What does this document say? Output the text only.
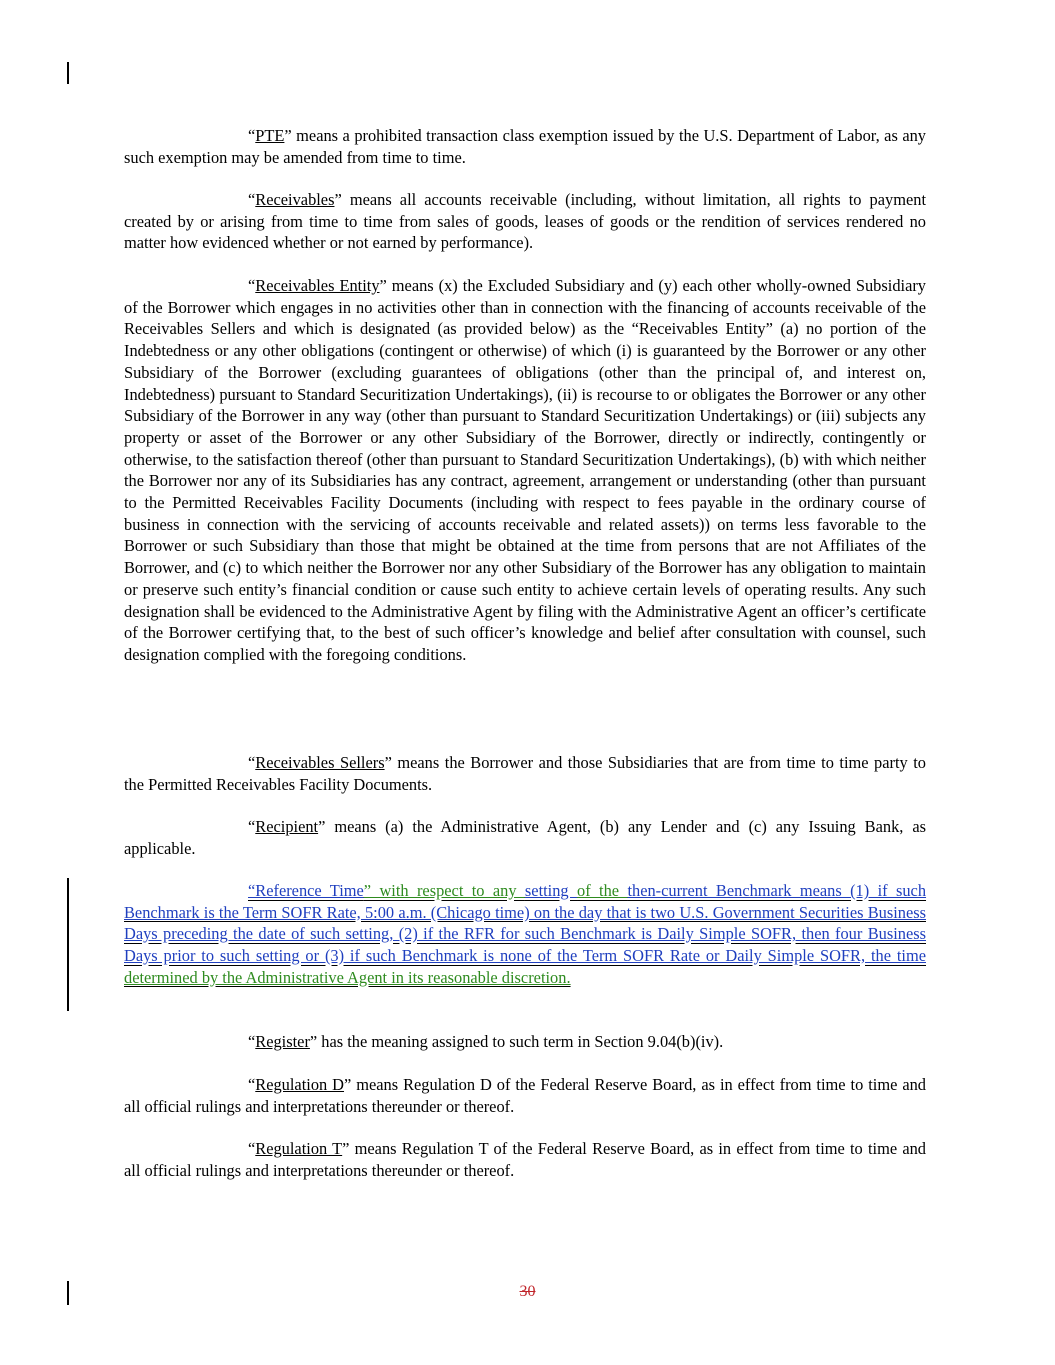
“PTE” means a prohibited transaction class exemption issued by the U.S. Department of Labor, as any such exemption may be amended from time to time.

“Receivables” means all accounts receivable (including, without limitation, all rights to payment created by or arising from time to time from sales of goods, leases of goods or the rendition of services rendered no matter how evidenced whether or not earned by performance).

“Receivables Entity” means (x) the Excluded Subsidiary and (y) each other wholly-owned Subsidiary of the Borrower which engages in no activities other than in connection with the financing of accounts receivable of the Receivables Sellers and which is designated (as provided below) as the “Receivables Entity” (a) no portion of the Indebtedness or any other obligations (contingent or otherwise) of which (i) is guaranteed by the Borrower or any other Subsidiary of the Borrower (excluding guarantees of obligations (other than the principal of, and interest on, Indebtedness) pursuant to Standard Securitization Undertakings), (ii) is recourse to or obligates the Borrower or any other Subsidiary of the Borrower in any way (other than pursuant to Standard Securitization Undertakings) or (iii) subjects any property or asset of the Borrower or any other Subsidiary of the Borrower, directly or indirectly, contingently or otherwise, to the satisfaction thereof (other than pursuant to Standard Securitization Undertakings), (b) with which neither the Borrower nor any of its Subsidiaries has any contract, agreement, arrangement or understanding (other than pursuant to the Permitted Receivables Facility Documents (including with respect to fees payable in the ordinary course of business in connection with the servicing of accounts receivable and related assets)) on terms less favorable to the Borrower or such Subsidiary than those that might be obtained at the time from persons that are not Affiliates of the Borrower, and (c) to which neither the Borrower nor any other Subsidiary of the Borrower has any obligation to maintain or preserve such entity’s financial condition or cause such entity to achieve certain levels of operating results. Any such designation shall be evidenced to the Administrative Agent by filing with the Administrative Agent an officer’s certificate of the Borrower certifying that, to the best of such officer’s knowledge and belief after consultation with counsel, such designation complied with the foregoing conditions.

“Receivables Sellers” means the Borrower and those Subsidiaries that are from time to time party to the Permitted Receivables Facility Documents.

“Recipient” means (a) the Administrative Agent, (b) any Lender and (c) any Issuing Bank, as applicable.

“Reference Time” with respect to any setting of the then-current Benchmark means (1) if such Benchmark is the Term SOFR Rate, 5:00 a.m. (Chicago time) on the day that is two U.S. Government Securities Business Days preceding the date of such setting, (2) if the RFR for such Benchmark is Daily Simple SOFR, then four Business Days prior to such setting or (3) if such Benchmark is none of the Term SOFR Rate or Daily Simple SOFR, the time determined by the Administrative Agent in its reasonable discretion.

“Register” has the meaning assigned to such term in Section 9.04(b)(iv).

“Regulation D” means Regulation D of the Federal Reserve Board, as in effect from time to time and all official rulings and interpretations thereunder or thereof.

“Regulation T” means Regulation T of the Federal Reserve Board, as in effect from time to time and all official rulings and interpretations thereunder or thereof.

30
